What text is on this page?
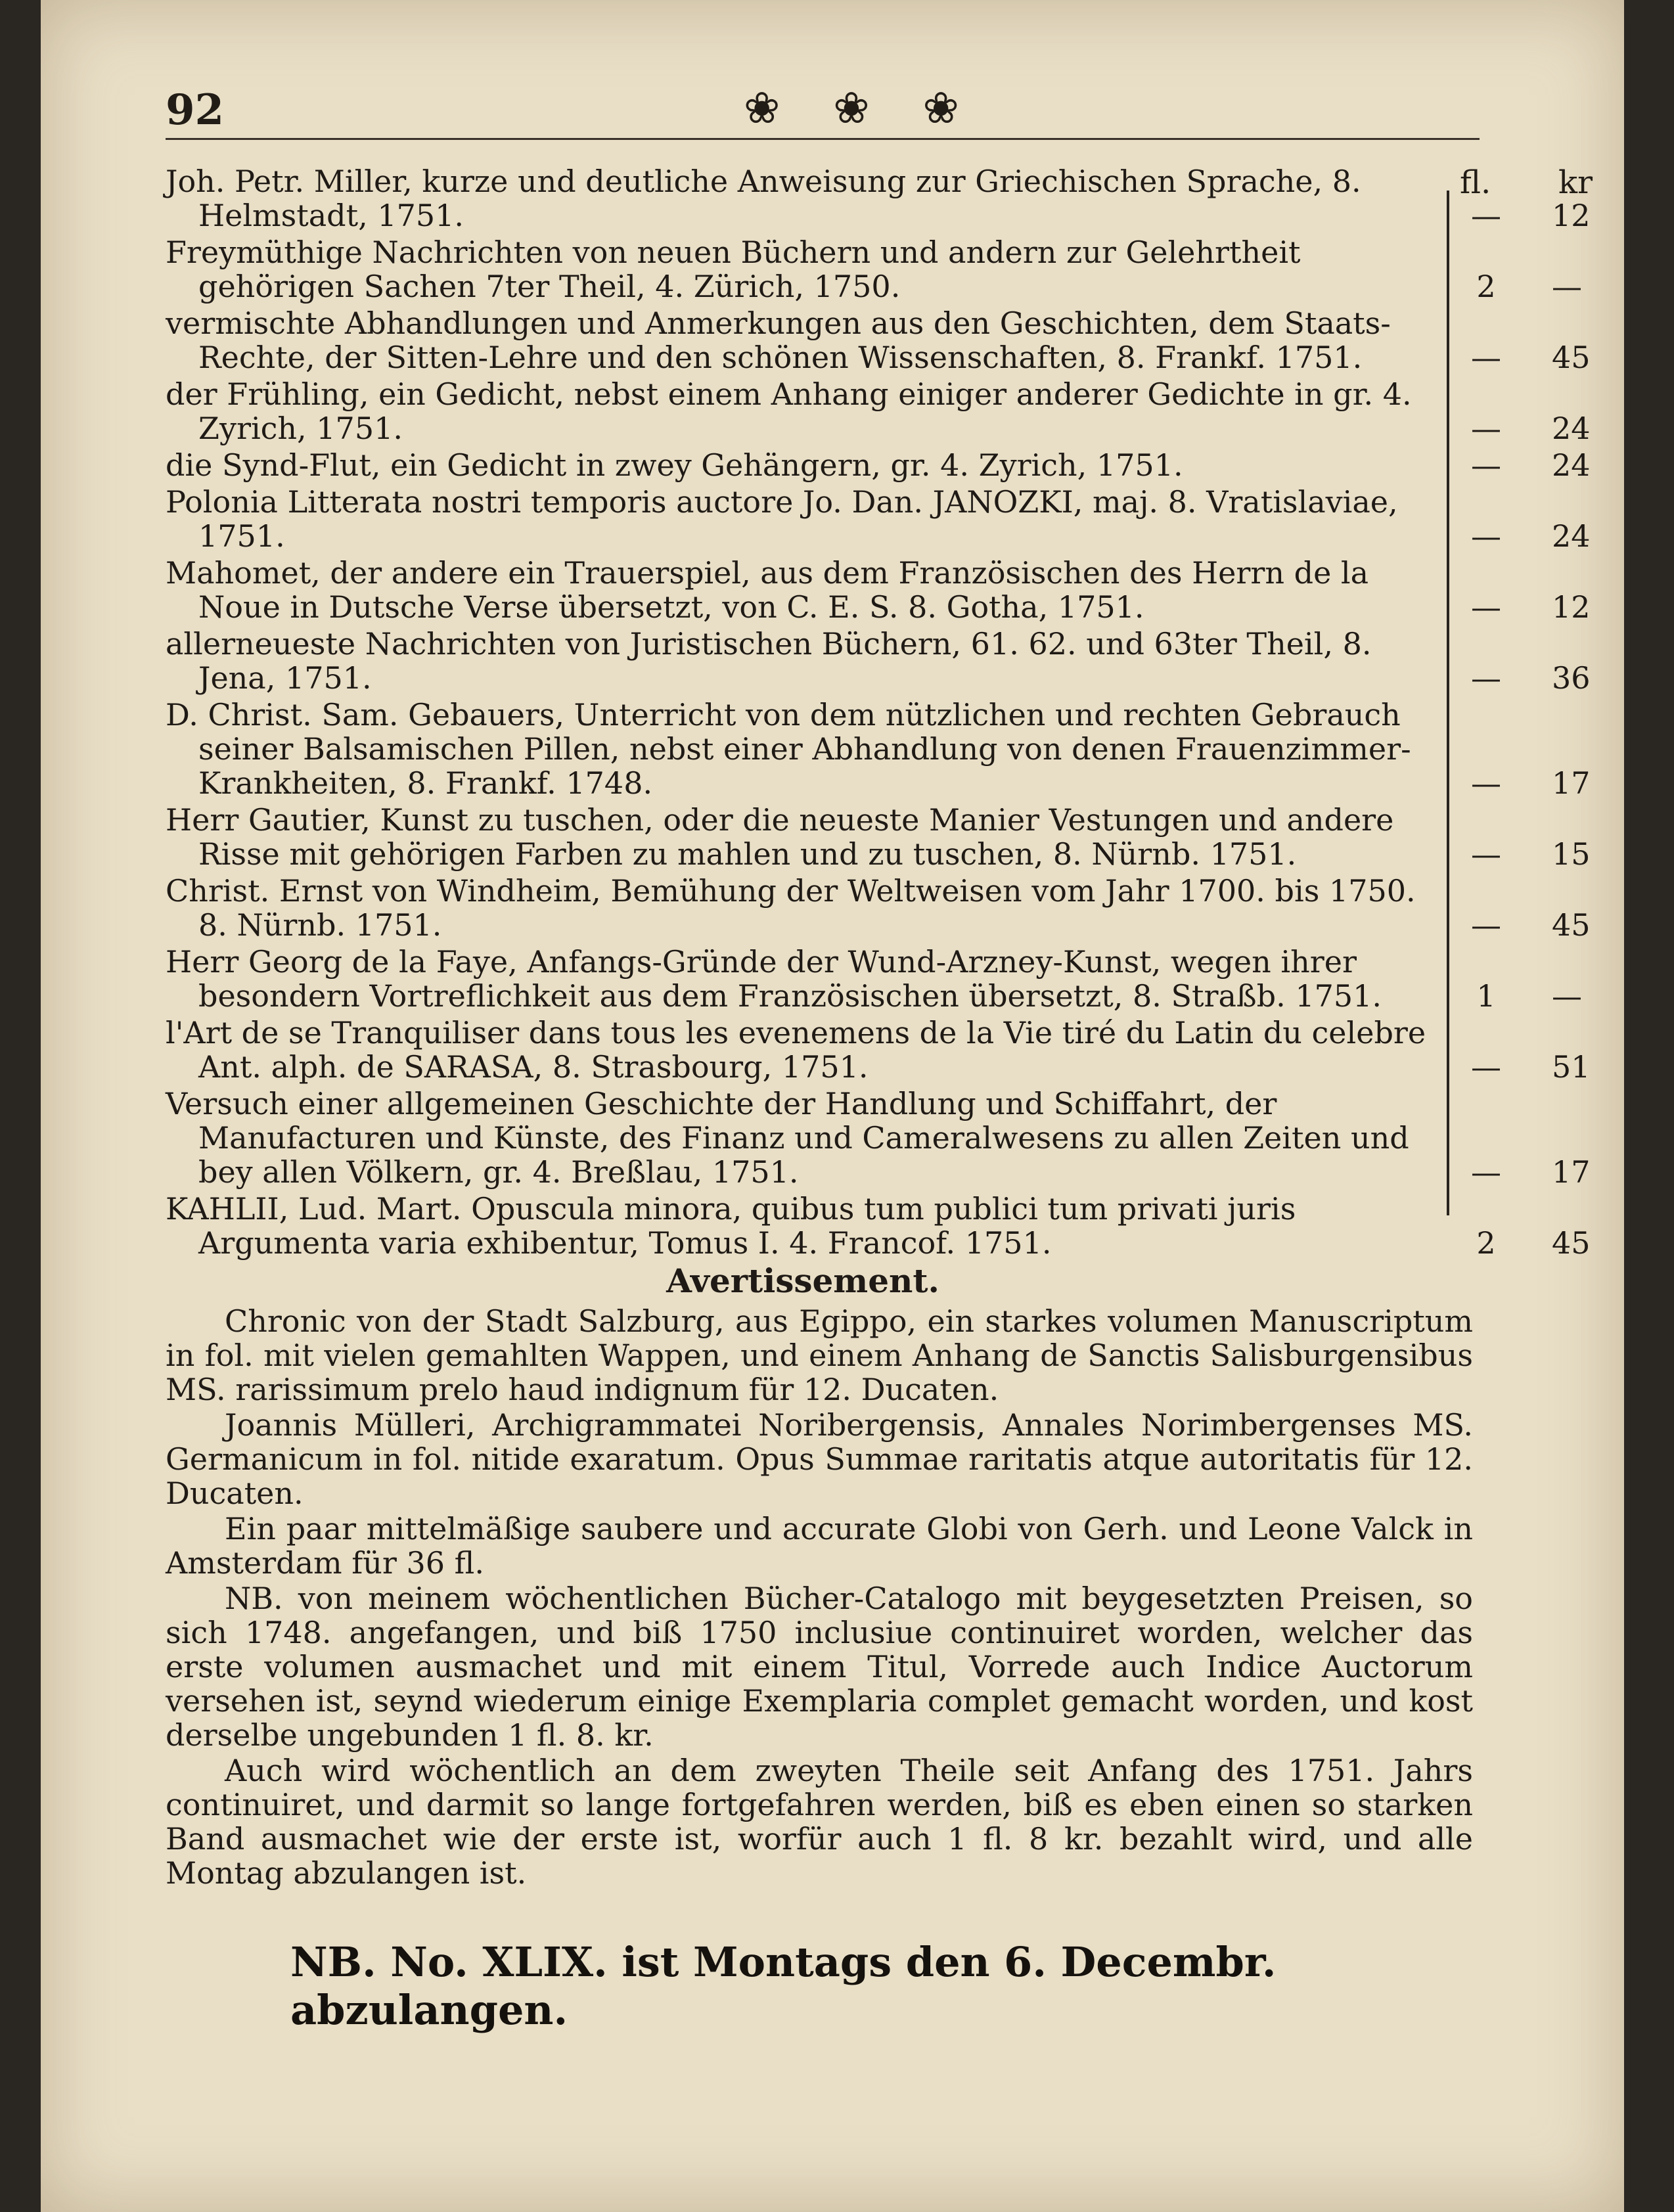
92	❀ ❀ ❀
fl. kr
Joh. Petr. Miller, kurze und deutliche Anweisung zur Griechischen Sprache, 8. Helmstadt, 1751.	—	12
Freymüthige Nachrichten von neuen Büchern und andern zur Gelehrtheit gehörigen Sachen 7ter Theil, 4. Zürich, 1750.	2	—
vermischte Abhandlungen und Anmerkungen aus den Geschichten, dem Staats-Rechte, der Sitten-Lehre und den schönen Wissenschaften, 8. Frankf. 1751.	—	45
der Frühling, ein Gedicht, nebst einem Anhang einiger anderer Gedichte in gr. 4. Zyrich, 1751.	—	24
die Synd-Flut, ein Gedicht in zwey Gehängern, gr. 4. Zyrich, 1751.	—	24
Polonia Litterata nostri temporis auctore Jo. Dan. JANOZKI, maj. 8. Vratislaviae, 1751.	—	24
Mahomet, der andere ein Trauerspiel, aus dem Französischen des Herrn de la Noue in Dutsche Verse übersetzt, von C. E. S. 8. Gotha, 1751.	—	12
allerneueste Nachrichten von Juristischen Büchern, 61. 62. und 63ter Theil, 8. Jena, 1751.	—	36
D. Christ. Sam. Gebauers, Unterricht von dem nützlichen und rechten Gebrauch seiner Balsamischen Pillen, nebst einer Abhandlung von denen Frauenzimmer-Krankheiten, 8. Frankf. 1748.	—	17
Herr Gautier, Kunst zu tuschen, oder die neueste Manier Vestungen und andere Risse mit gehörigen Farben zu mahlen und zu tuschen, 8. Nürnb. 1751.	—	15
Christ. Ernst von Windheim, Bemühung der Weltweisen vom Jahr 1700. bis 1750. 8. Nürnb. 1751.	—	45
Herr Georg de la Faye, Anfangs-Gründe der Wund-Arzney-Kunst, wegen ihrer besondern Vortreflichkeit aus dem Französischen übersetzt, 8. Straßb. 1751.	1	—
l'Art de se Tranquiliser dans tous les evenemens de la Vie tiré du Latin du celebre Ant. alph. de SARASA, 8. Strasbourg, 1751.	—	51
Versuch einer allgemeinen Geschichte der Handlung und Schiffahrt, der Manufacturen und Künste, des Finanz und Cameralwesens zu allen Zeiten und bey allen Völkern, gr. 4. Breßlau, 1751.	—	17
KAHLII, Lud. Mart. Opuscula minora, quibus tum publici tum privati juris Argumenta varia exhibentur, Tomus I. 4. Francof. 1751.	2	45
Avertissement.

Chronic von der Stadt Salzburg, aus Egippo, ein starkes volumen Manuscriptum in fol. mit vielen gemahlten Wappen, und einem Anhang de Sanctis Salisburgensibus MS. rarissimum prelo haud indignum für 12. Ducaten.

Joannis Mülleri, Archigrammatei Noribergensis, Annales Norimbergenses MS. Germanicum in fol. nitide exaratum. Opus Summae raritatis atque autoritatis für 12. Ducaten.

Ein paar mittelmäßige saubere und accurate Globi von Gerh. und Leone Valck in Amsterdam für 36 fl.

NB. von meinem wöchentlichen Bücher-Catalogo mit beygesetzten Preisen, so sich 1748. angefangen, und biß 1750 inclusiue continuiret worden, welcher das erste volumen ausmachet und mit einem Titul, Vorrede auch Indice Auctorum versehen ist, seynd wiederum einige Exemplaria complet gemacht worden, und kost derselbe ungebunden 1 fl. 8. kr.

Auch wird wöchentlich an dem zweyten Theile seit Anfang des 1751. Jahrs continuiret, und darmit so lange fortgefahren werden, biß es eben einen so starken Band ausmachet wie der erste ist, worfür auch 1 fl. 8 kr. bezahlt wird, und alle Montag abzulangen ist.

NB. No. XLIX. ist Montags den 6. Decembr. abzulangen.
